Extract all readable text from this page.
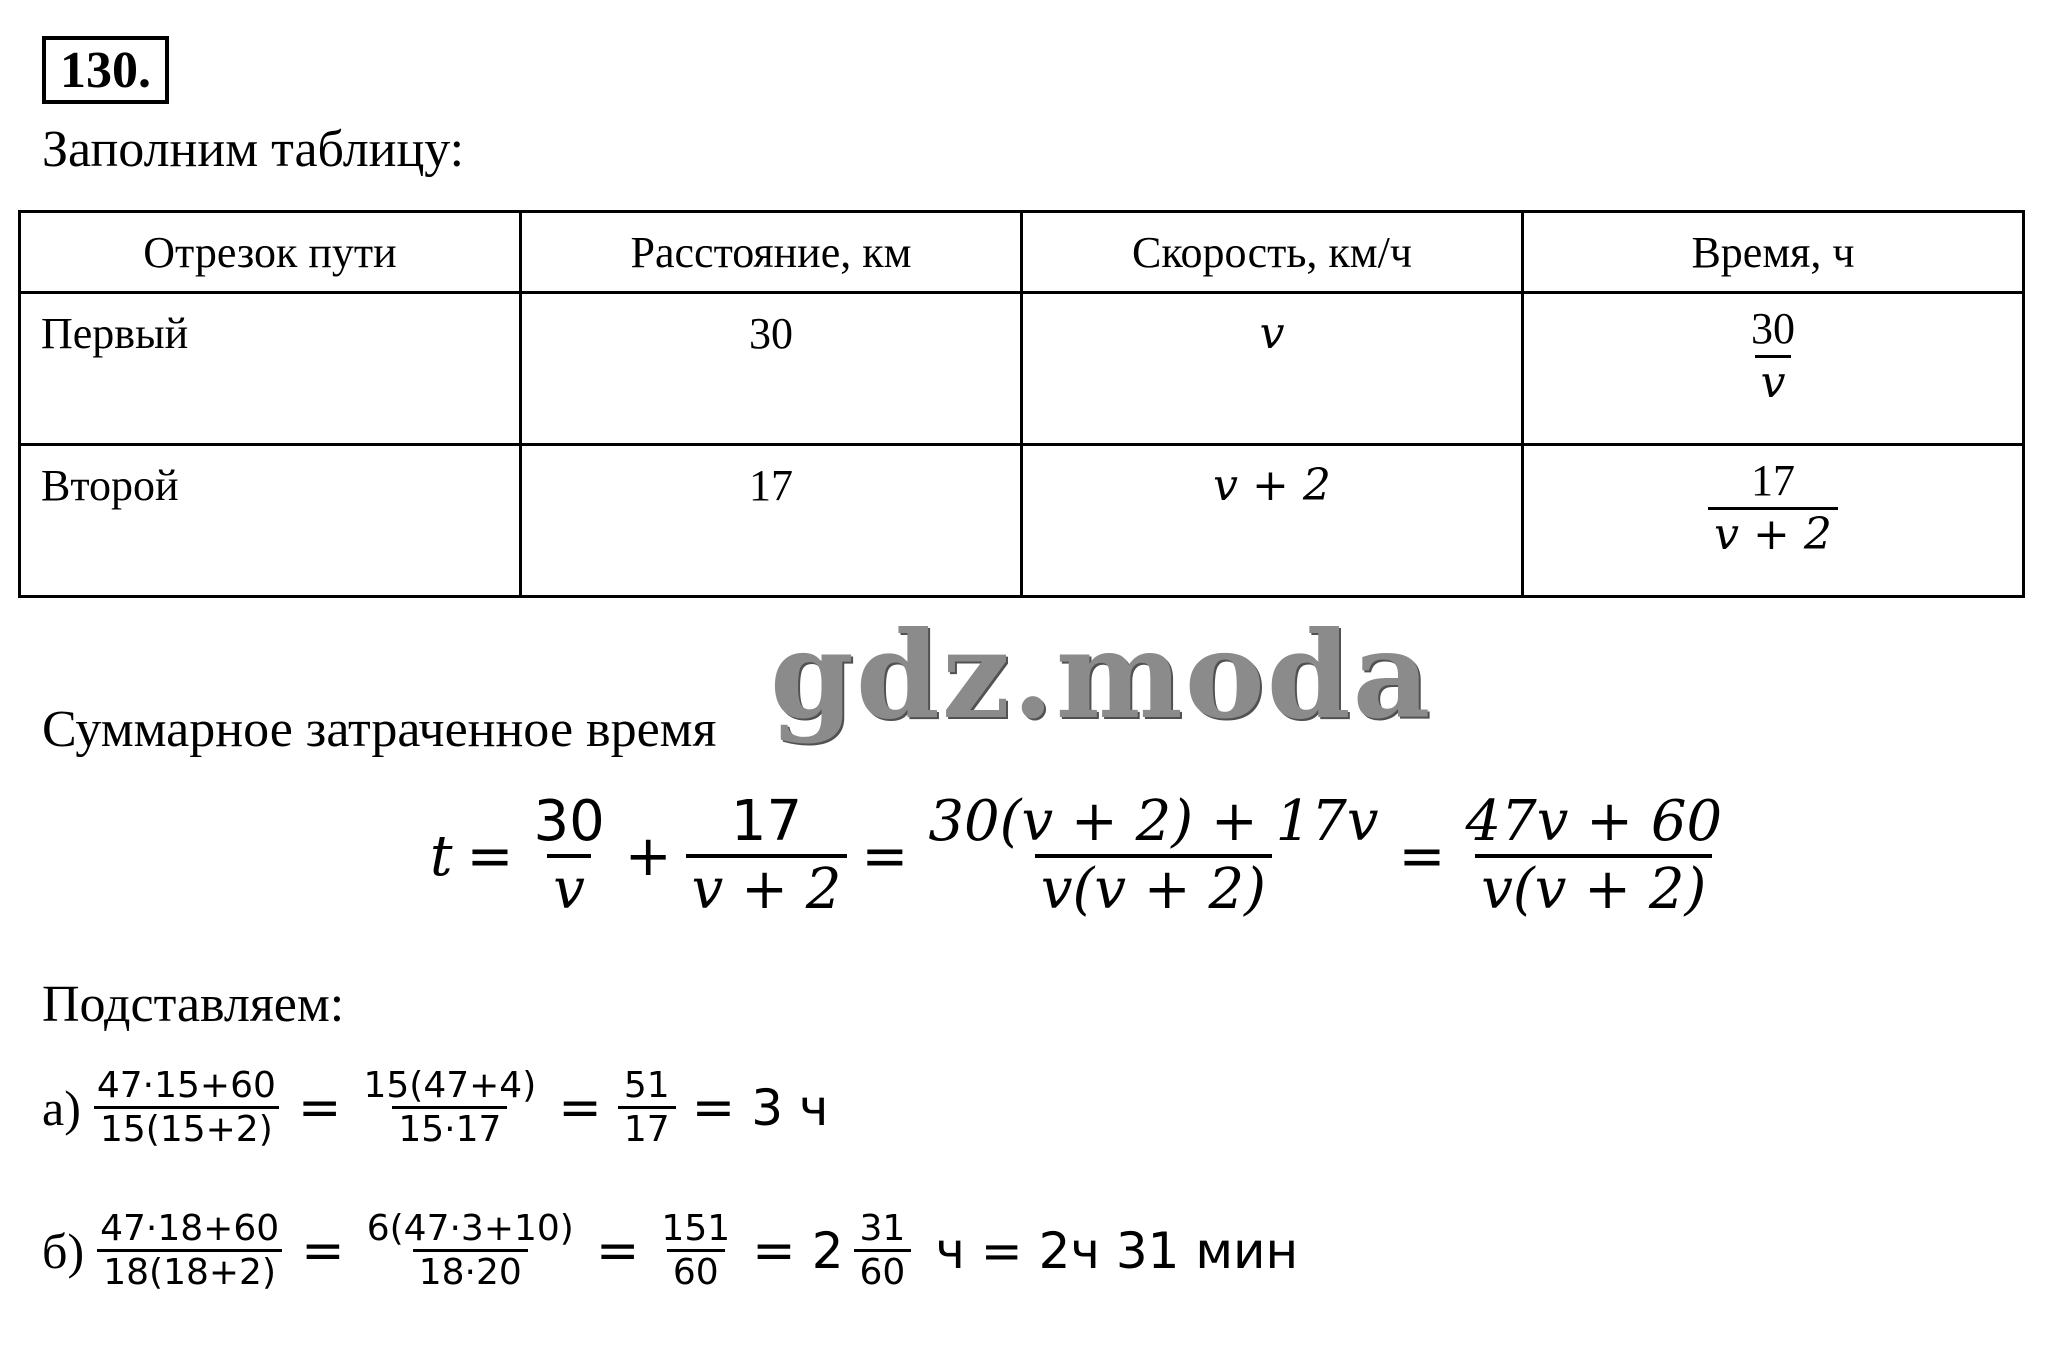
130.
Заполним таблицу:
Отрезок пути	Расстояние, км	Скорость, км/ч	Время, ч
Первый	30	v	$\frac{30}{v}$

Второй	17	v + 2	$\frac{17}{v + 2}$
gdz.moda
Суммарное затраченное время
$t = \frac{30}{v} + \frac{17}{v + 2} = \frac{30(v + 2) + 17v}{v(v + 2)} = \frac{47v + 60}{v(v + 2)}$
Подставляем:
$а) \frac{47\cdot 15+60}{15(15+2)} = \frac{15(47+4)}{15\cdot 17} = \frac{51}{17} = 3$ ч
$б) \frac{47\cdot 18+60}{18(18+2)} = \frac{6(47\cdot 3+10)}{18\cdot 20} = \frac{151}{60} = 2 \frac{31}{60}$ ч = 2ч 31 мин
